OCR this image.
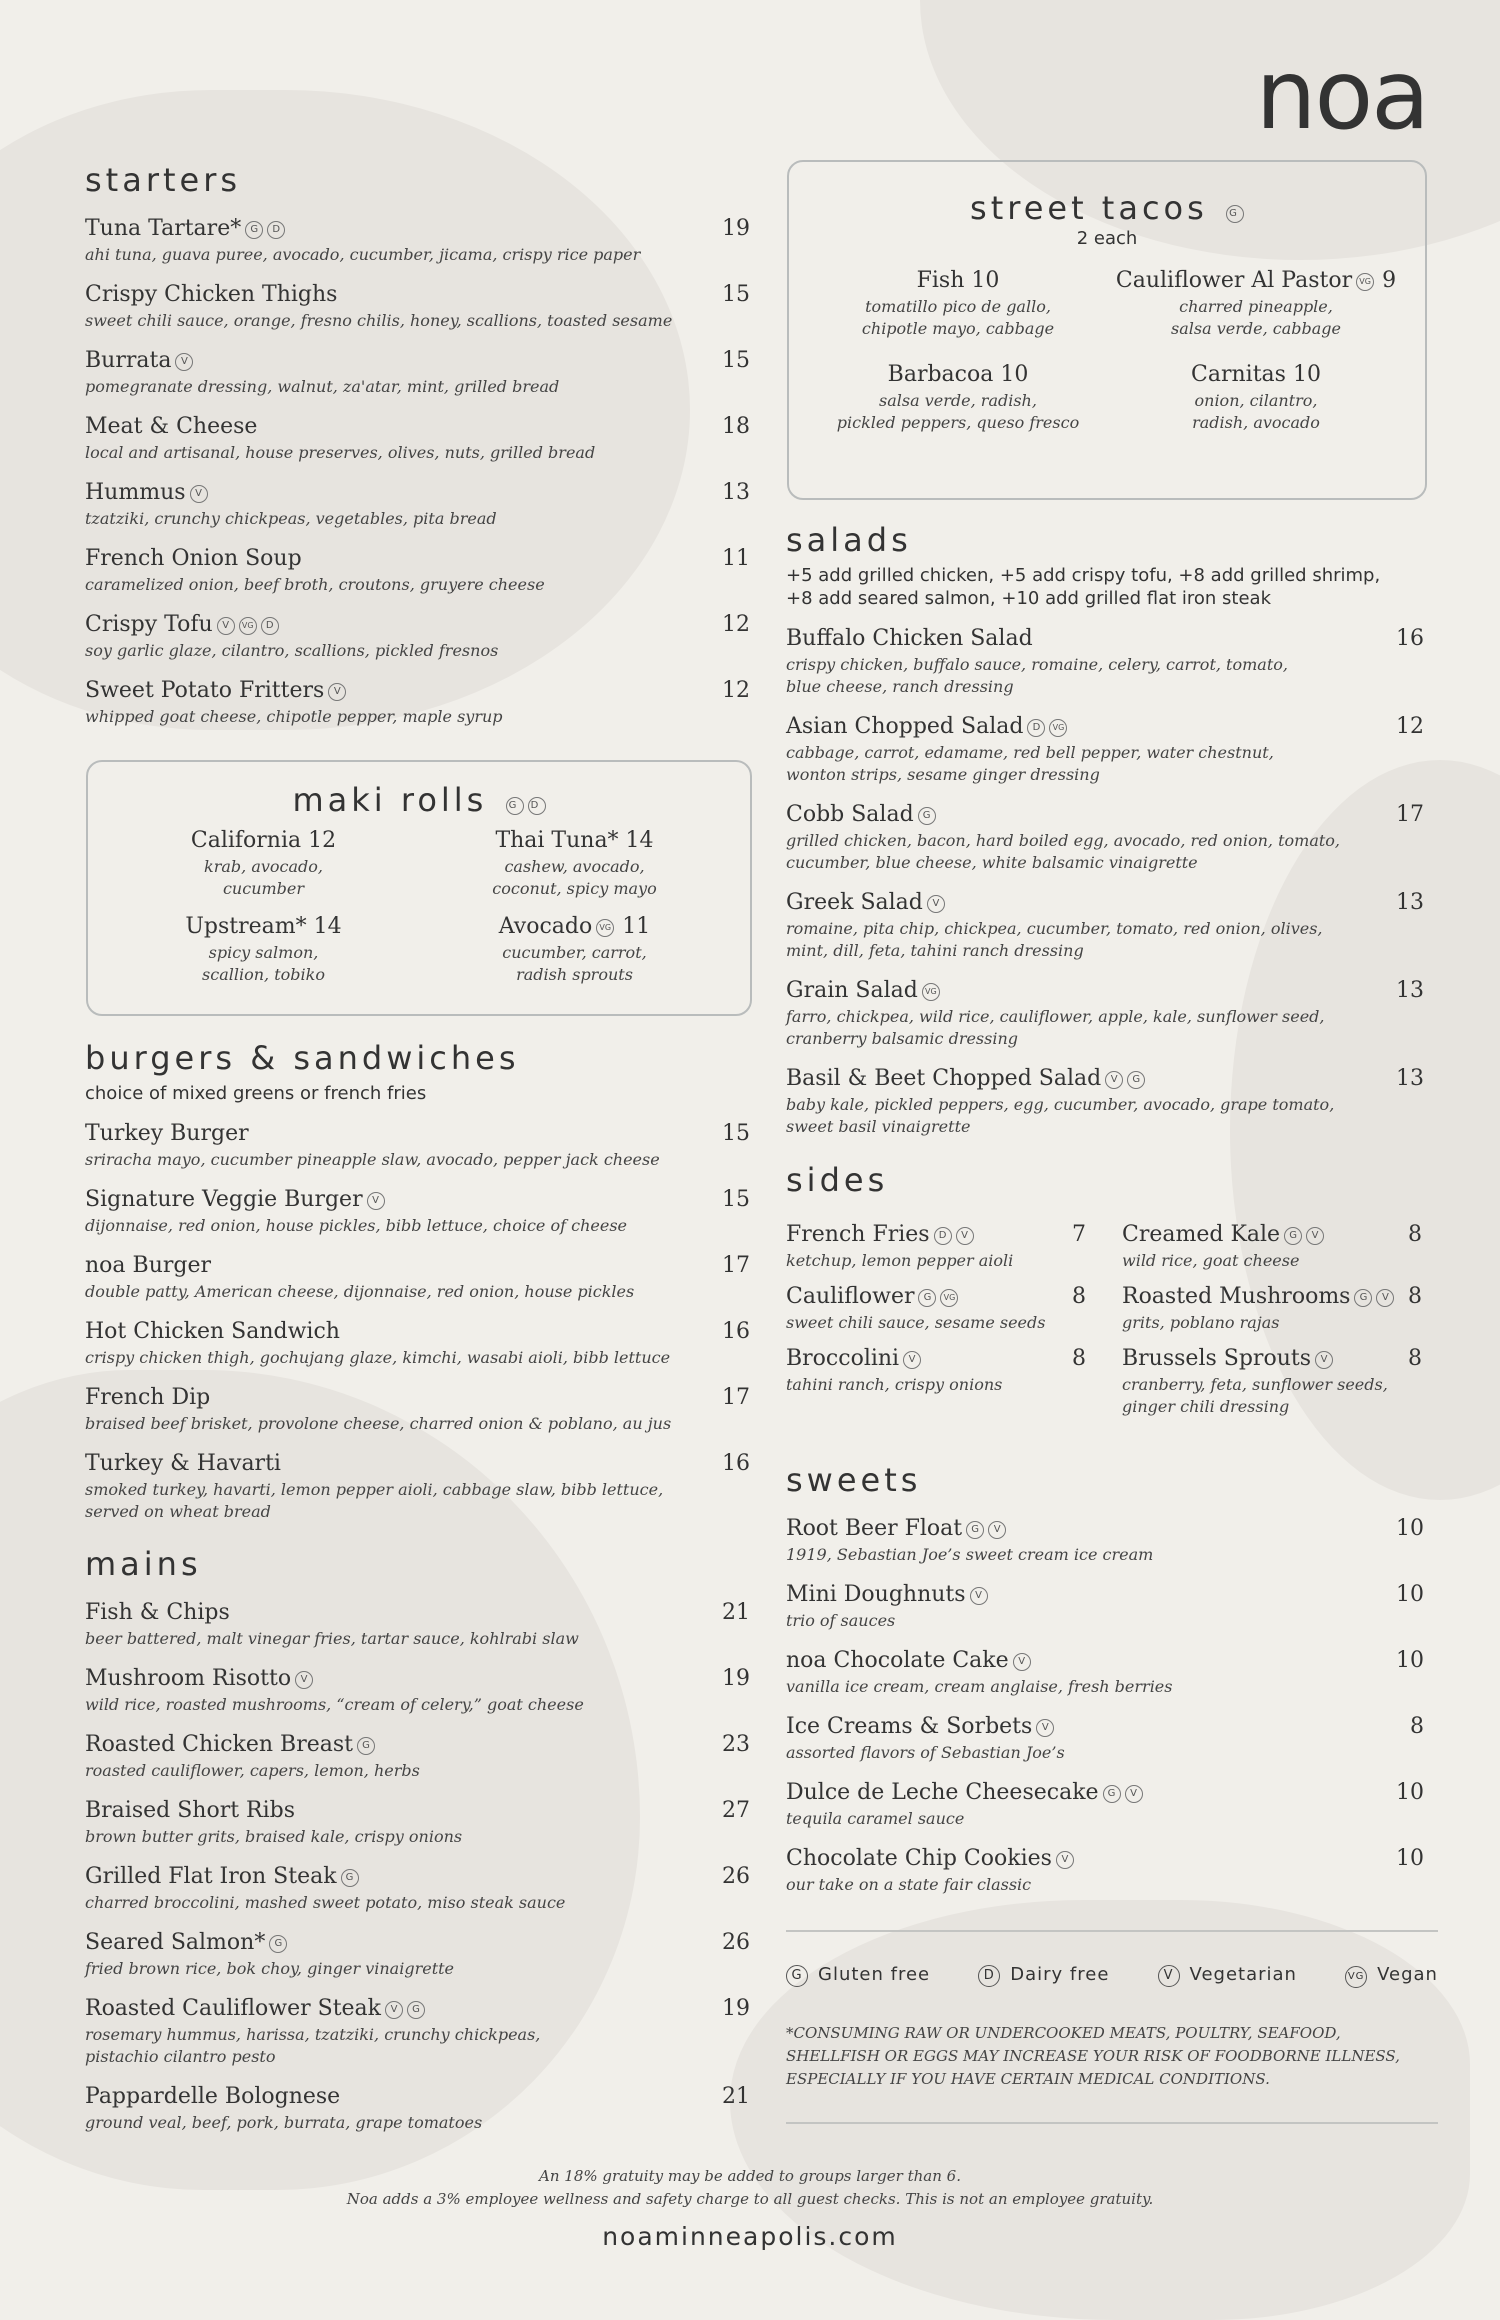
noa
starters
Tuna Tartare* G D	19
ahi tuna, guava puree, avocado, cucumber, jicama, crispy rice paper
Crispy Chicken Thighs	15
sweet chili sauce, orange, fresno chilis, honey, scallions, toasted sesame
Burrata V	15
pomegranate dressing, walnut, za'atar, mint, grilled bread
Meat & Cheese	18
local and artisanal, house preserves, olives, nuts, grilled bread
Hummus V	13
tzatziki, crunchy chickpeas, vegetables, pita bread
French Onion Soup	11
caramelized onion, beef broth, croutons, gruyere cheese
Crispy Tofu V VG D	12
soy garlic glaze, cilantro, scallions, pickled fresnos
Sweet Potato Fritters V	12
whipped goat cheese, chipotle pepper, maple syrup
maki rolls G D
California 12
krab, avocado,
cucumber
Thai Tuna* 14
cashew, avocado,
coconut, spicy mayo
Upstream* 14
spicy salmon,
scallion, tobiko
Avocado VG 11
cucumber, carrot,
radish sprouts
burgers & sandwiches
choice of mixed greens or french fries
Turkey Burger	15
sriracha mayo, cucumber pineapple slaw, avocado, pepper jack cheese
Signature Veggie Burger V	15
dijonnaise, red onion, house pickles, bibb lettuce, choice of cheese
noa Burger	17
double patty, American cheese, dijonnaise, red onion, house pickles
Hot Chicken Sandwich	16
crispy chicken thigh, gochujang glaze, kimchi, wasabi aioli, bibb lettuce
French Dip	17
braised beef brisket, provolone cheese, charred onion & poblano, au jus
Turkey & Havarti	16
smoked turkey, havarti, lemon pepper aioli, cabbage slaw, bibb lettuce,
served on wheat bread
mains
Fish & Chips	21
beer battered, malt vinegar fries, tartar sauce, kohlrabi slaw
Mushroom Risotto V	19
wild rice, roasted mushrooms, “cream of celery,” goat cheese
Roasted Chicken Breast G	23
roasted cauliflower, capers, lemon, herbs
Braised Short Ribs	27
brown butter grits, braised kale, crispy onions
Grilled Flat Iron Steak G	26
charred broccolini, mashed sweet potato, miso steak sauce
Seared Salmon* G	26
fried brown rice, bok choy, ginger vinaigrette
Roasted Cauliflower Steak V G	19
rosemary hummus, harissa, tzatziki, crunchy chickpeas,
pistachio cilantro pesto
Pappardelle Bolognese	21
ground veal, beef, pork, burrata, grape tomatoes
street tacos G
2 each
Fish 10
tomatillo pico de gallo,
chipotle mayo, cabbage
Cauliflower Al Pastor VG 9
charred pineapple,
salsa verde, cabbage
Barbacoa 10
salsa verde, radish,
pickled peppers, queso fresco
Carnitas 10
onion, cilantro,
radish, avocado
salads
+5 add grilled chicken, +5 add crispy tofu, +8 add grilled shrimp,
+8 add seared salmon, +10 add grilled flat iron steak
Buffalo Chicken Salad	16
crispy chicken, buffalo sauce, romaine, celery, carrot, tomato,
blue cheese, ranch dressing
Asian Chopped Salad D VG	12
cabbage, carrot, edamame, red bell pepper, water chestnut,
wonton strips, sesame ginger dressing
Cobb Salad G	17
grilled chicken, bacon, hard boiled egg, avocado, red onion, tomato,
cucumber, blue cheese, white balsamic vinaigrette
Greek Salad V	13
romaine, pita chip, chickpea, cucumber, tomato, red onion, olives,
mint, dill, feta, tahini ranch dressing
Grain Salad VG	13
farro, chickpea, wild rice, cauliflower, apple, kale, sunflower seed,
cranberry balsamic dressing
Basil & Beet Chopped Salad V G	13
baby kale, pickled peppers, egg, cucumber, avocado, grape tomato,
sweet basil vinaigrette
sides
French Fries D V	7
ketchup, lemon pepper aioli
Creamed Kale G V	8
wild rice, goat cheese
Cauliflower G VG	8
sweet chili sauce, sesame seeds
Roasted Mushrooms G V 8
grits, poblano rajas
Broccolini V	8
tahini ranch, crispy onions
Brussels Sprouts V	8
cranberry, feta, sunflower seeds,
ginger chili dressing
sweets
Root Beer Float G V	10
1919, Sebastian Joe’s sweet cream ice cream
Mini Doughnuts V	10
trio of sauces
noa Chocolate Cake V	10
vanilla ice cream, cream anglaise, fresh berries
Ice Creams & Sorbets V	8
assorted flavors of Sebastian Joe’s
Dulce de Leche Cheesecake G V	10
tequila caramel sauce
Chocolate Chip Cookies V	10
our take on a state fair classic
G Gluten free	D Dairy free	V Vegetarian	VG Vegan
*CONSUMING RAW OR UNDERCOOKED MEATS, POULTRY, SEAFOOD, SHELLFISH OR EGGS MAY INCREASE YOUR RISK OF FOODBORNE ILLNESS, ESPECIALLY IF YOU HAVE CERTAIN MEDICAL CONDITIONS.
An 18% gratuity may be added to groups larger than 6.
Noa adds a 3% employee wellness and safety charge to all guest checks. This is not an employee gratuity.
noaminneapolis.com
